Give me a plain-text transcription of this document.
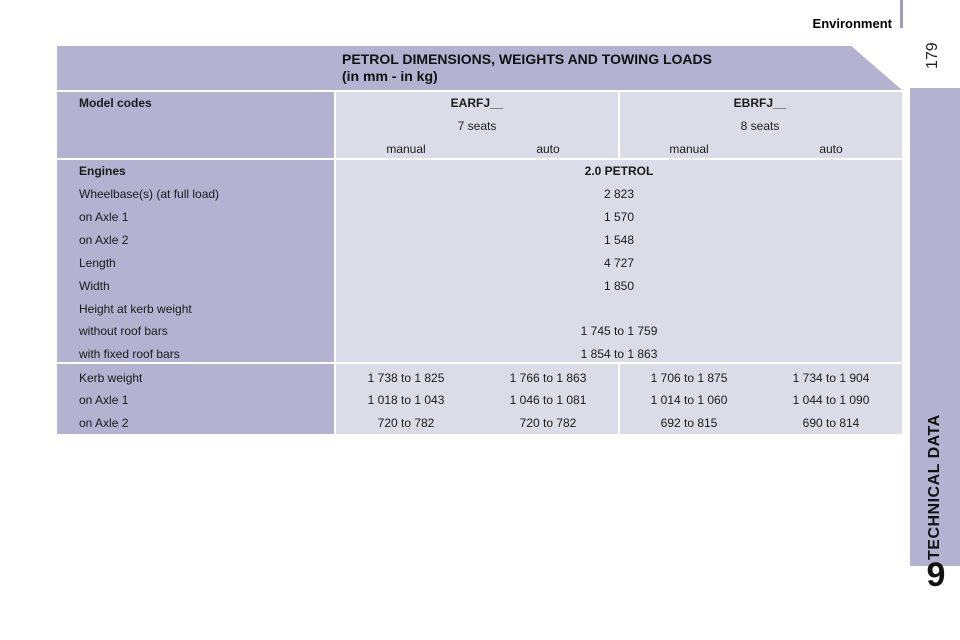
Environment
179
TECHNICAL DATA
9
PETROL DIMENSIONS, WEIGHTS AND TOWING LOADS
(in mm - in kg)
Model codes	EARFJ__	EBRFJ__
7 seats	8 seats
manual	auto	manual	auto
Engines	2.0 PETROL
Wheelbase(s) (at full load)	2 823
on Axle 1	1 570
on Axle 2	1 548
Length	4 727
Width	1 850
Height at kerb weight
without roof bars	1 745 to 1 759
with fixed roof bars	1 854 to 1 863
Kerb weight	1 738 to 1 825	1 766 to 1 863	1 706 to 1 875	1 734 to 1 904
on Axle 1	1 018 to 1 043	1 046 to 1 081	1 014 to 1 060	1 044 to 1 090
on Axle 2	720 to 782	720 to 782	692 to 815	690 to 814
